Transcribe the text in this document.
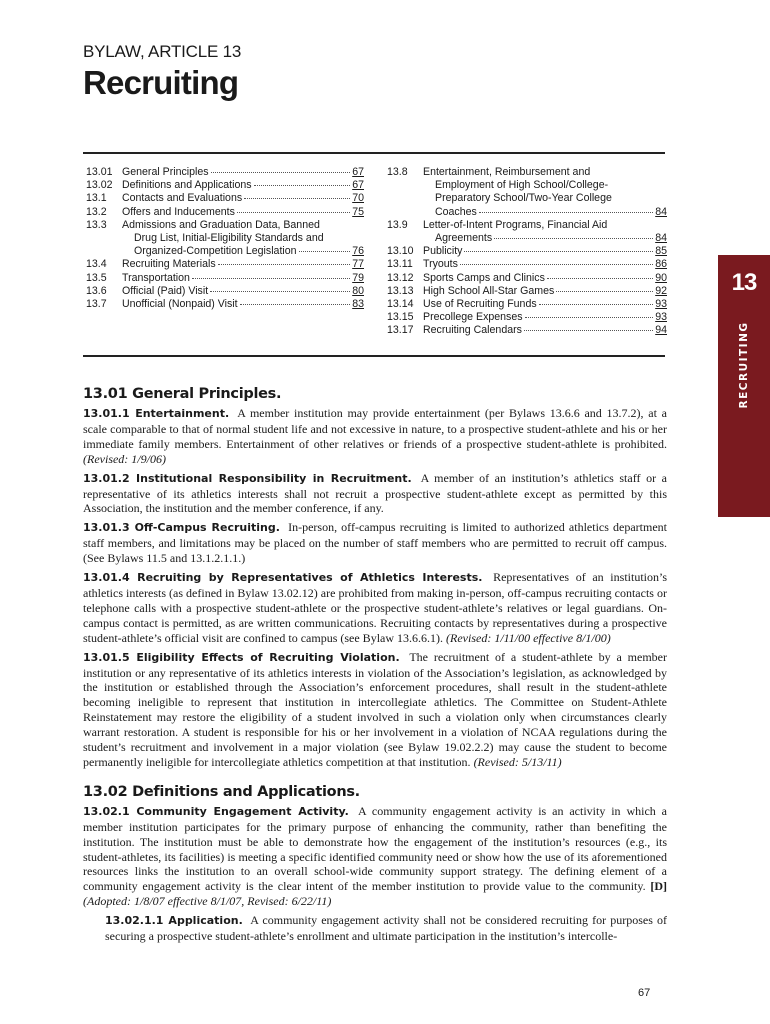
BYLAW, ARTICLE 13
Recruiting
13.01 General Principles	67
13.02 Definitions and Applications	67
13.1	Contacts and Evaluations	70
13.2	Offers and Inducements	75
13.3	Admissions and Graduation Data, Banned
Drug List, Initial-Eligibility Standards and
Organized-Competition Legislation	76
13.4	Recruiting Materials	77
13.5	Transportation	79
13.6	Official (Paid) Visit	80
13.7	Unofficial (Nonpaid) Visit	83
13.8	Entertainment, Reimbursement and
Employment of High School/College-
Preparatory School/Two-Year College
Coaches	84
13.9	Letter-of-Intent Programs, Financial Aid
Agreements	84
13.10 Publicity	85
13.11 Tryouts	86
13.12 Sports Camps and Clinics	90
13.13 High School All-Star Games	92
13.14 Use of Recruiting Funds	93
13.15 Precollege Expenses	93
13.17 Recruiting Calendars	94
13
RECRUITING
13.01 General Principles.

13.01.1 Entertainment. A member institution may provide entertainment (per Bylaws 13.6.6 and 13.7.2), at a scale comparable to that of normal student life and not excessive in nature, to a prospective student-athlete and his or her immediate family members. Entertainment of other relatives or friends of a prospective student-athlete is prohibited. (Revised: 1/9/06)

13.01.2 Institutional Responsibility in Recruitment. A member of an institution’s athletics staff or a representative of its athletics interests shall not recruit a prospective student-athlete except as permitted by this Association, the institution and the member conference, if any.

13.01.3 Off-Campus Recruiting. In-person, off-campus recruiting is limited to authorized athletics department staff members, and limitations may be placed on the number of staff members who are permitted to recruit off campus. (See Bylaws 11.5 and 13.1.2.1.1.)

13.01.4 Recruiting by Representatives of Athletics Interests. Representatives of an institution’s athletics interests (as defined in Bylaw 13.02.12) are prohibited from making in-person, off-campus recruiting contacts or telephone calls with a prospective student-athlete or the prospective student-athlete’s relatives or legal guardians. On-campus contact is permitted, as are written communications. Recruiting contacts by representatives during a prospective student-athlete’s official visit are confined to campus (see Bylaw 13.6.6.1). (Revised: 1/11/00 effective 8/1/00)

13.01.5 Eligibility Effects of Recruiting Violation. The recruitment of a student-athlete by a member institution or any representative of its athletics interests in violation of the Association’s legislation, as acknowledged by the institution or established through the Association’s enforcement procedures, shall result in the student-athlete becoming ineligible to represent that institution in intercollegiate athletics. The Committee on Student-Athlete Reinstatement may restore the eligibility of a student involved in such a violation only when circumstances clearly warrant restoration. A student is responsible for his or her involvement in a violation of NCAA regulations during the student’s recruitment and involvement in a major violation (see Bylaw 19.02.2.2) may cause the student to become permanently ineligible for intercollegiate athletics competition at that institution. (Revised: 5/13/11)

13.02 Definitions and Applications.

13.02.1 Community Engagement Activity. A community engagement activity is an activity in which a member institution participates for the primary purpose of enhancing the community, rather than benefiting the institution. The institution must be able to demonstrate how the engagement of the institution’s resources (e.g., its student-athletes, its facilities) is meeting a specific identified community need or show how the use of its aforementioned resources links the institution to an overall school-wide community support strategy. The defining element of a community engagement activity is the clear intent of the member institution to provide value to the community. [D] (Adopted: 1/8/07 effective 8/1/07, Revised: 6/22/11)

13.02.1.1 Application. A community engagement activity shall not be considered recruiting for purposes of securing a prospective student-athlete’s enrollment and ultimate participation in the institution’s intercolle-

67
